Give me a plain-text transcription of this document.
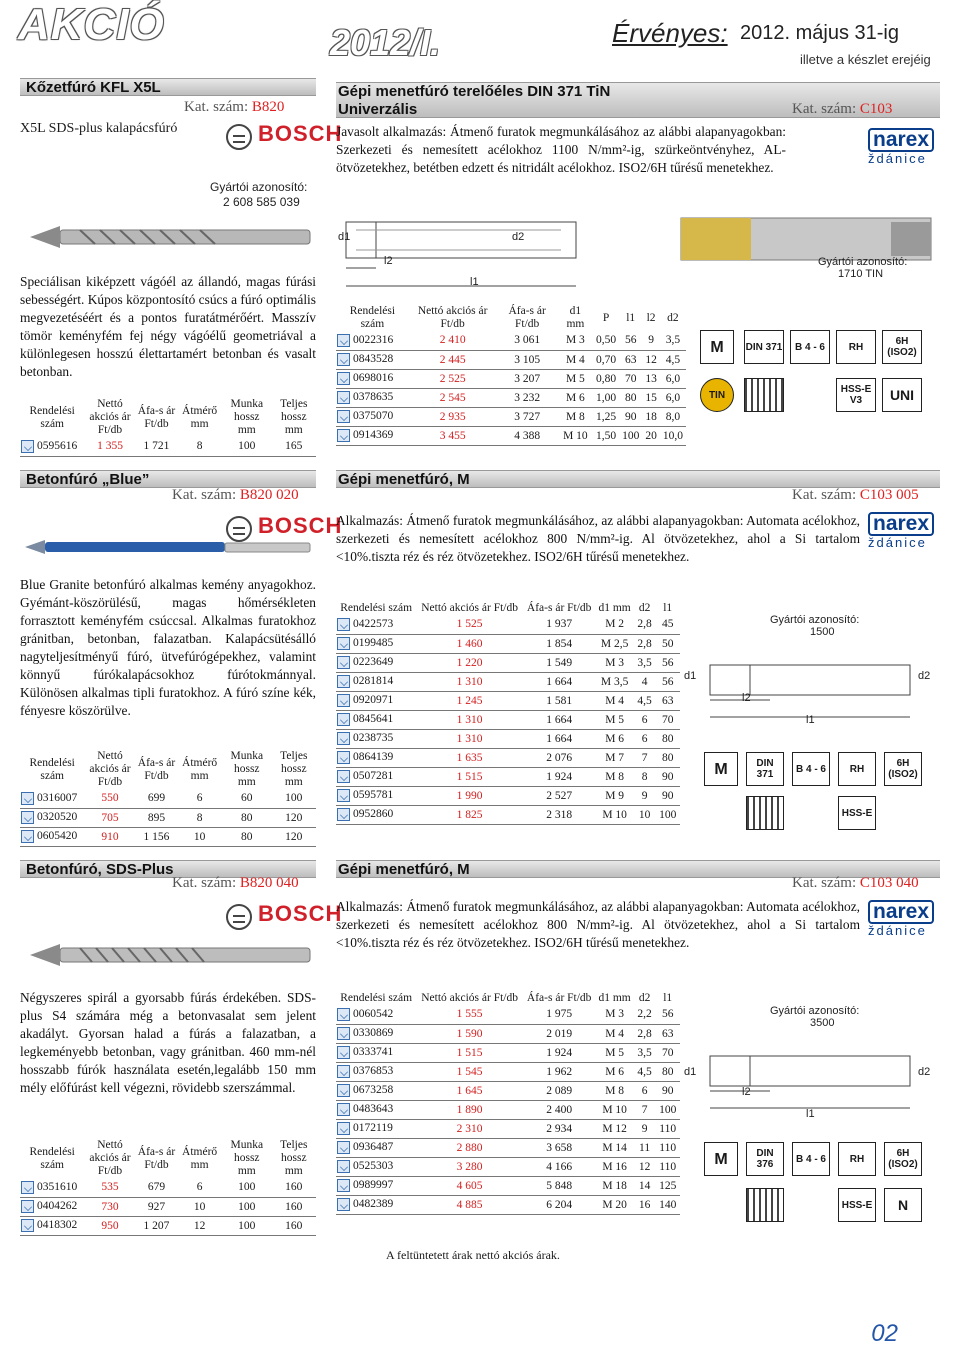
AKCIÓ	2012/I.	Érvényes: 2012. május 31-ig
illetve a készlet erejéig
Kőzetfúró KFL X5L
Kat. szám: B820
X5L SDS-plus kalapácsfúró	BOSCH
Gyártói azonosító:
2 608 585 039
Speciálisan kiképzett vágóél az állandó, magas fúrási sebességért. Kúpos központosító csúcs a fúró optimális megvezetéséért és a pontos furatátmérőért. Masszív tömör keményfém fej négy vágóélű geometriával a különlegesen hosszú élettartamért betonban és vasalt betonban.
Rendelési szám	Nettó akciós ár Ft/db	Áfa-s ár Ft/db	Átmérő mm	Munka hossz mm	Teljes hossz mm
0595616	1 355	1 721	8	100	165
Betonfúró „Blue”
Kat. szám: B820 020
BOSCH
Blue Granite betonfúró alkalmas kemény anyagokhoz. Gyémánt-köszörülésű, magas hőmérsékleten forrasztott keményfém csúccsal. Alkalmas furatokhoz gránitban, betonban, falazatban. Kalapácsütésálló nagyteljesítményű fúró, ütvefúrógépekhez, valamint könnyű fúrókalapácsokhoz fúrótokmánnyal. Különösen alkalmas tipli furatokhoz. A fúró színe kék, fényesre köszörülve.
Rendelési szám	Nettó akciós ár Ft/db	Áfa-s ár Ft/db	Átmérő mm	Munka hossz mm	Teljes hossz mm
0316007	550	699	6	60	100
0320520	705	895	8	80	120
0605420	910	1 156	10	80	120
Betonfúró, SDS-Plus
Kat. szám: B820 040
BOSCH
Négyszeres spirál a gyorsabb fúrás érdekében. SDS-plus S4 számára még a betonvasalat sem jelent akadályt. Gyorsan halad a fúrás a falazatban, a legkeményebb betonban, vagy gránitban. 460 mm-nél hosszabb fúrók használata esetén,legalább 150 mm mély előfúrást kell végezni, rövidebb szerszámmal.
Rendelési szám	Nettó akciós ár Ft/db	Áfa-s ár Ft/db	Átmérő mm	Munka hossz mm	Teljes hossz mm
0351610	535	679	6	100	160
0404262	730	927	10	100	160
0418302	950	1 207	12	100	160
Gépi menetfúró terelőéles DIN 371 TiN
Univerzális	Kat. szám: C103
Javasolt alkalmazás: Átmenő furatok megmunkálásához az alábbi alapanyagokban: Szerkezeti és nemesített acélokhoz 1100 N/mm²-ig, szürkeöntvényhez, AL-ötvözetekhez, betétben edzett és nitridált acélokhoz. ISO2/6H tűrésű menetekhez.
narex
ždánice
d1	d2
l2
l1
Gyártói azonosító:
1710 TIN
Rendelési szám	Nettó akciós ár Ft/db	Áfa-s ár Ft/db	d1 mm	P	l1	l2	d2
0022316	2 410	3 061	M 3	0,50	56	9	3,5
0843528	2 445	3 105	M 4	0,70	63	12	4,5
0698016	2 525	3 207	M 5	0,80	70	13	6,0
0378635	2 545	3 232	M 6	1,00	80	15	6,0
0375070	2 935	3 727	M 8	1,25	90	18	8,0
0914369	3 455	4 388	M 10	1,50	100	20	10,0
M	DIN 371	B 4 - 6	RH	6H (ISO2)
TIN	HSS-E V3	UNI
Gépi menetfúró, M
Kat. szám: C103 005
Alkalmazás: Átmenő furatok megmunkálásához, az alábbi alapanyagokban: Automata acélokhoz, szerkezeti és nemesített acélokhoz 800 N/mm²-ig. Al ötvözetekhez, ahol a Si tartalom <10%.tiszta réz és réz ötvözetekhez. ISO2/6H tűrésű menetekhez.
narex
ždánice
Rendelési szám	Nettó akciós ár Ft/db	Áfa-s ár Ft/db	d1 mm	d2	l1
0422573	1 525	1 937	M 2	2,8	45
0199485	1 460	1 854	M 2,5	2,8	50
0223649	1 220	1 549	M 3	3,5	56
0281814	1 310	1 664	M 3,5	4	56
0920971	1 245	1 581	M 4	4,5	63
0845641	1 310	1 664	M 5	6	70
0238735	1 310	1 664	M 6	6	80
0864139	1 635	2 076	M 7	7	80
0507281	1 515	1 924	M 8	8	90
0595781	1 990	2 527	M 9	9	90
0952860	1 825	2 318	M 10	10	100
Gyártói azonosító:
1500
d1	d2
l2
l1
M	DIN 371	B 4 - 6	RH	6H (ISO2)
HSS-E
Gépi menetfúró, M
Kat. szám: C103 040
Alkalmazás: Átmenő furatok megmunkálásához, az alábbi alapanyagokban: Automata acélokhoz, szerkezeti és nemesített acélokhoz 800 N/mm²-ig. Al ötvözetekhez, ahol a Si tartalom <10%.tiszta réz és réz ötvözetekhez. ISO2/6H tűrésű menetekhez.
narex
ždánice
Rendelési szám	Nettó akciós ár Ft/db	Áfa-s ár Ft/db	d1 mm	d2	l1
0060542	1 555	1 975	M 3	2,2	56
0330869	1 590	2 019	M 4	2,8	63
0333741	1 515	1 924	M 5	3,5	70
0376853	1 545	1 962	M 6	4,5	80
0673258	1 645	2 089	M 8	6	90
0483643	1 890	2 400	M 10	7	100
0172119	2 310	2 934	M 12	9	110
0936487	2 880	3 658	M 14	11	110
0525303	3 280	4 166	M 16	12	110
0989997	4 605	5 848	M 18	14	125
0482389	4 885	6 204	M 20	16	140
Gyártói azonosító:
3500
d1	d2
l2
l1
M	DIN 376	B 4 - 6	RH	6H (ISO2)
HSS-E	N
A feltüntetett árak nettó akciós árak.
02
